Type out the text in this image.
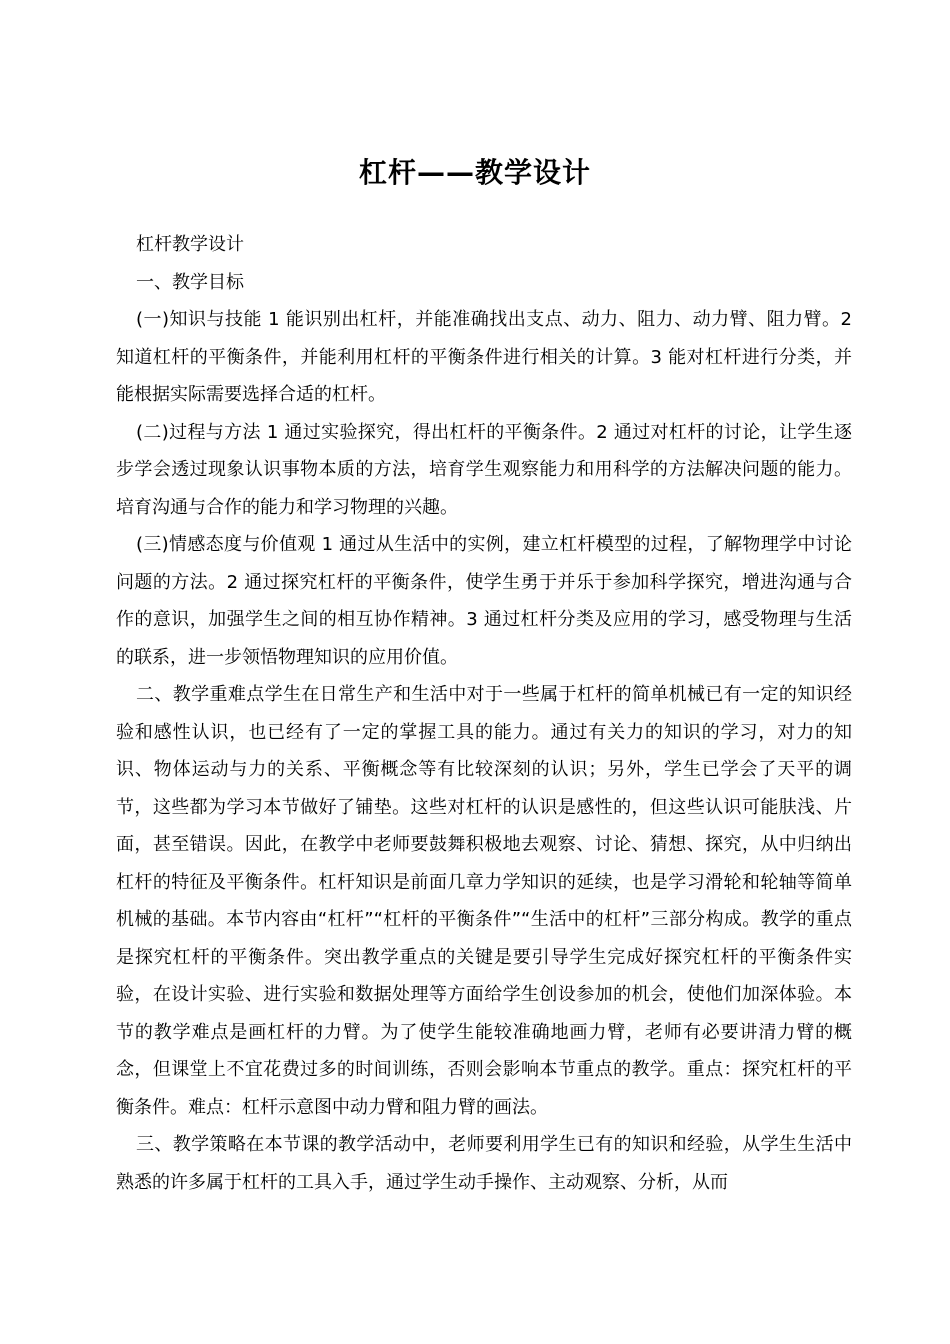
杠杆——教学设计

杠杆教学设计

一、教学目标

(一)知识与技能 1 能识别出杠杆，并能准确找出支点、动力、阻力、动力臂、阻力臂。2 知道杠杆的平衡条件，并能利用杠杆的平衡条件进行相关的计算。3 能对杠杆进行分类，并能根据实际需要选择合适的杠杆。

(二)过程与方法 1 通过实验探究，得出杠杆的平衡条件。2 通过对杠杆的讨论，让学生逐步学会透过现象认识事物本质的方法，培育学生观察能力和用科学的方法解决问题的能力。培育沟通与合作的能力和学习物理的兴趣。

(三)情感态度与价值观 1 通过从生活中的实例，建立杠杆模型的过程，了解物理学中讨论问题的方法。2 通过探究杠杆的平衡条件，使学生勇于并乐于参加科学探究，增进沟通与合作的意识，加强学生之间的相互协作精神。3 通过杠杆分类及应用的学习，感受物理与生活的联系，进一步领悟物理知识的应用价值。

二、教学重难点学生在日常生产和生活中对于一些属于杠杆的简单机械已有一定的知识经验和感性认识，也已经有了一定的掌握工具的能力。通过有关力的知识的学习，对力的知识、物体运动与力的关系、平衡概念等有比较深刻的认识；另外，学生已学会了天平的调节，这些都为学习本节做好了铺垫。这些对杠杆的认识是感性的，但这些认识可能肤浅、片面，甚至错误。因此，在教学中老师要鼓舞积极地去观察、讨论、猜想、探究，从中归纳出杠杆的特征及平衡条件。杠杆知识是前面几章力学知识的延续，也是学习滑轮和轮轴等简单机械的基础。本节内容由“杠杆”“杠杆的平衡条件”“生活中的杠杆”三部分构成。教学的重点是探究杠杆的平衡条件。突出教学重点的关键是要引导学生完成好探究杠杆的平衡条件实验，在设计实验、进行实验和数据处理等方面给学生创设参加的机会，使他们加深体验。本节的教学难点是画杠杆的力臂。为了使学生能较准确地画力臂，老师有必要讲清力臂的概念，但课堂上不宜花费过多的时间训练，否则会影响本节重点的教学。重点：探究杠杆的平衡条件。难点：杠杆示意图中动力臂和阻力臂的画法。

三、教学策略在本节课的教学活动中，老师要利用学生已有的知识和经验，从学生生活中熟悉的许多属于杠杆的工具入手，通过学生动手操作、主动观察、分析，从而
